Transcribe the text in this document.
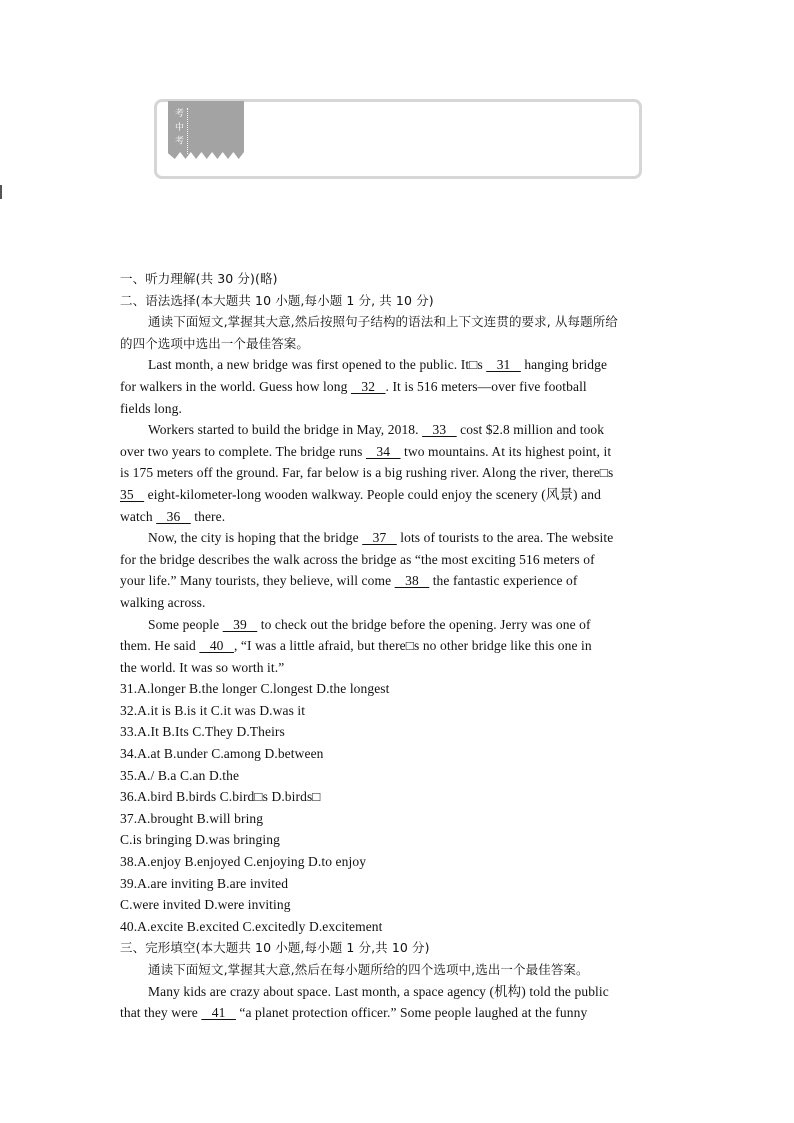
考 中 考

一、听力理解(共 30 分)(略)

二、语法选择(本大题共 10 小题,每小题 1 分, 共 10 分)

通读下面短文,掌握其大意,然后按照句子结构的语法和上下文连贯的要求, 从每题所给

的四个选项中选出一个最佳答案。

Last month, a new bridge was first opened to the public. It□s    31    hanging bridge

for walkers in the world. Guess how long    32   . It is 516 meters—over five football

fields long.

Workers started to build the bridge in May, 2018.    33    cost $2.8 million and took

over two years to complete. The bridge runs    34    two mountains. At its highest point, it

is 175 meters off the ground. Far, far below is a big rushing river. Along the river, there□s

35    eight-kilometer-long wooden walkway. People could enjoy the scenery (风景) and

watch    36    there.

Now, the city is hoping that the bridge    37    lots of tourists to the area. The website

for the bridge describes the walk across the bridge as “the most exciting 516 meters of

your life.” Many tourists, they believe, will come    38    the fantastic experience of

walking across.

Some people    39    to check out the bridge before the opening. Jerry was one of

them. He said    40   , “I was a little afraid, but there□s no other bridge like this one in

the world. It was so worth it.”

31.A.longer B.the longer C.longest D.the longest

32.A.it is B.is it C.it was D.was it

33.A.It B.Its C.They D.Theirs

34.A.at B.under C.among D.between

35.A./ B.a C.an D.the

36.A.bird B.birds C.bird□s D.birds□

37.A.brought B.will bring

C.is bringing D.was bringing

38.A.enjoy B.enjoyed C.enjoying D.to enjoy

39.A.are inviting B.are invited

C.were invited D.were inviting

40.A.excite B.excited C.excitedly D.excitement

三、完形填空(本大题共 10 小题,每小题 1 分,共 10 分)

通读下面短文,掌握其大意,然后在每小题所给的四个选项中,选出一个最佳答案。

Many kids are crazy about space. Last month, a space agency (机构) told the public

that they were    41    “a planet protection officer.” Some people laughed at the funny
